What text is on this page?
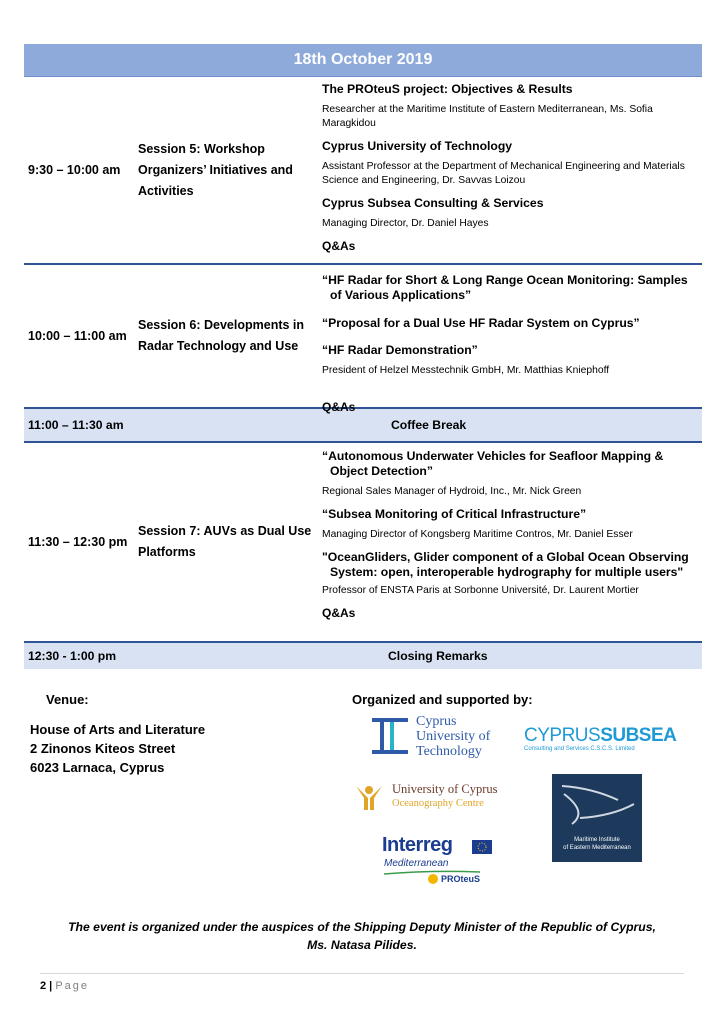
18th October 2019
9:30 – 10:00 am
Session 5: Workshop Organizers’ Initiatives and Activities
The PROteuS project: Objectives & Results
Researcher at the Maritime Institute of Eastern Mediterranean, Ms. Sofia Maragkidou
Cyprus University of Technology
Assistant Professor at the Department of Mechanical Engineering and Materials Science and Engineering, Dr. Savvas Loizou
Cyprus Subsea Consulting & Services
Managing Director, Dr. Daniel Hayes
Q&As
10:00 – 11:00 am
Session 6: Developments in Radar Technology and Use
“HF Radar for Short & Long Range Ocean Monitoring: Samples of Various Applications”
“Proposal for a Dual Use HF Radar System on Cyprus”
“HF Radar Demonstration”
President of Helzel Messtechnik GmbH, Mr. Matthias Kniephoff
Q&As
11:00 – 11:30 am	Coffee Break
11:30 – 12:30 pm
Session 7: AUVs as Dual Use Platforms
“Autonomous Underwater Vehicles for Seafloor Mapping & Object Detection”
Regional Sales Manager of Hydroid, Inc., Mr. Nick Green
“Subsea Monitoring of Critical Infrastructure”
Managing Director of Kongsberg Maritime Contros, Mr. Daniel Esser
"OceanGliders, Glider component of a Global Ocean Observing System: open, interoperable hydrography for multiple users"
Professor of ENSTA Paris at Sorbonne Université, Dr. Laurent Mortier
Q&As
12:30 - 1:00 pm	Closing Remarks
Venue:
House of Arts and Literature
2 Zinonos Kiteos Street
6023 Larnaca, Cyprus
Organized and supported by:
Cyprus
University of
Technology
CYPRUSSUBSEA
Consulting and Services C.S.C.S. Limited
University of Cyprus
Oceanography Centre
Maritime Institute
of Eastern Mediterranean
Interreg
Mediterranean
PROteuS
The event is organized under the auspices of the Shipping Deputy Minister of the Republic of Cyprus,
Ms. Natasa Pilides.
2 | Page
